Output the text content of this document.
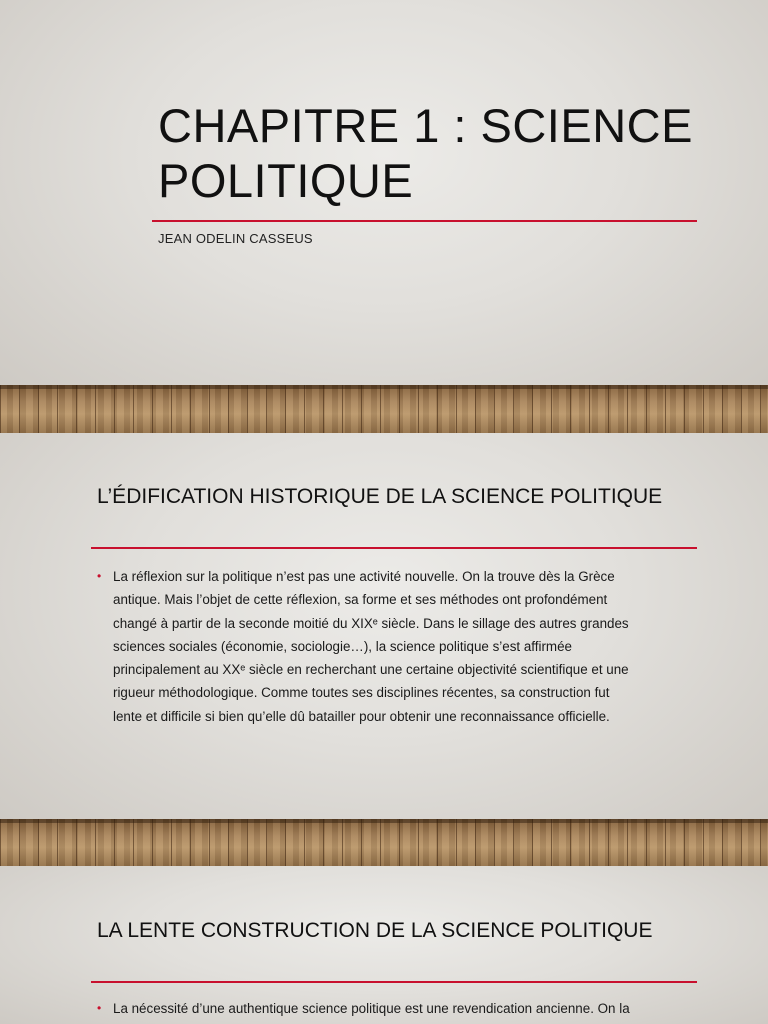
CHAPITRE 1 : SCIENCE
POLITIQUE
JEAN ODELIN CASSEUS
L’ÉDIFICATION HISTORIQUE DE LA SCIENCE POLITIQUE
• La réflexion sur la politique n’est pas une activité nouvelle. On la trouve dès la Grèce
antique. Mais l’objet de cette réflexion, sa forme et ses méthodes ont profondément
changé à partir de la seconde moitié du XIXᵉ siècle. Dans le sillage des autres grandes
sciences sociales (économie, sociologie…), la science politique s’est affirmée
principalement au XXᵉ siècle en recherchant une certaine objectivité scientifique et une
rigueur méthodologique. Comme toutes ses disciplines récentes, sa construction fut
lente et difficile si bien qu’elle dû batailler pour obtenir une reconnaissance officielle.
LA LENTE CONSTRUCTION DE LA SCIENCE POLITIQUE
• La nécessité d’une authentique science politique est une revendication ancienne. On la
